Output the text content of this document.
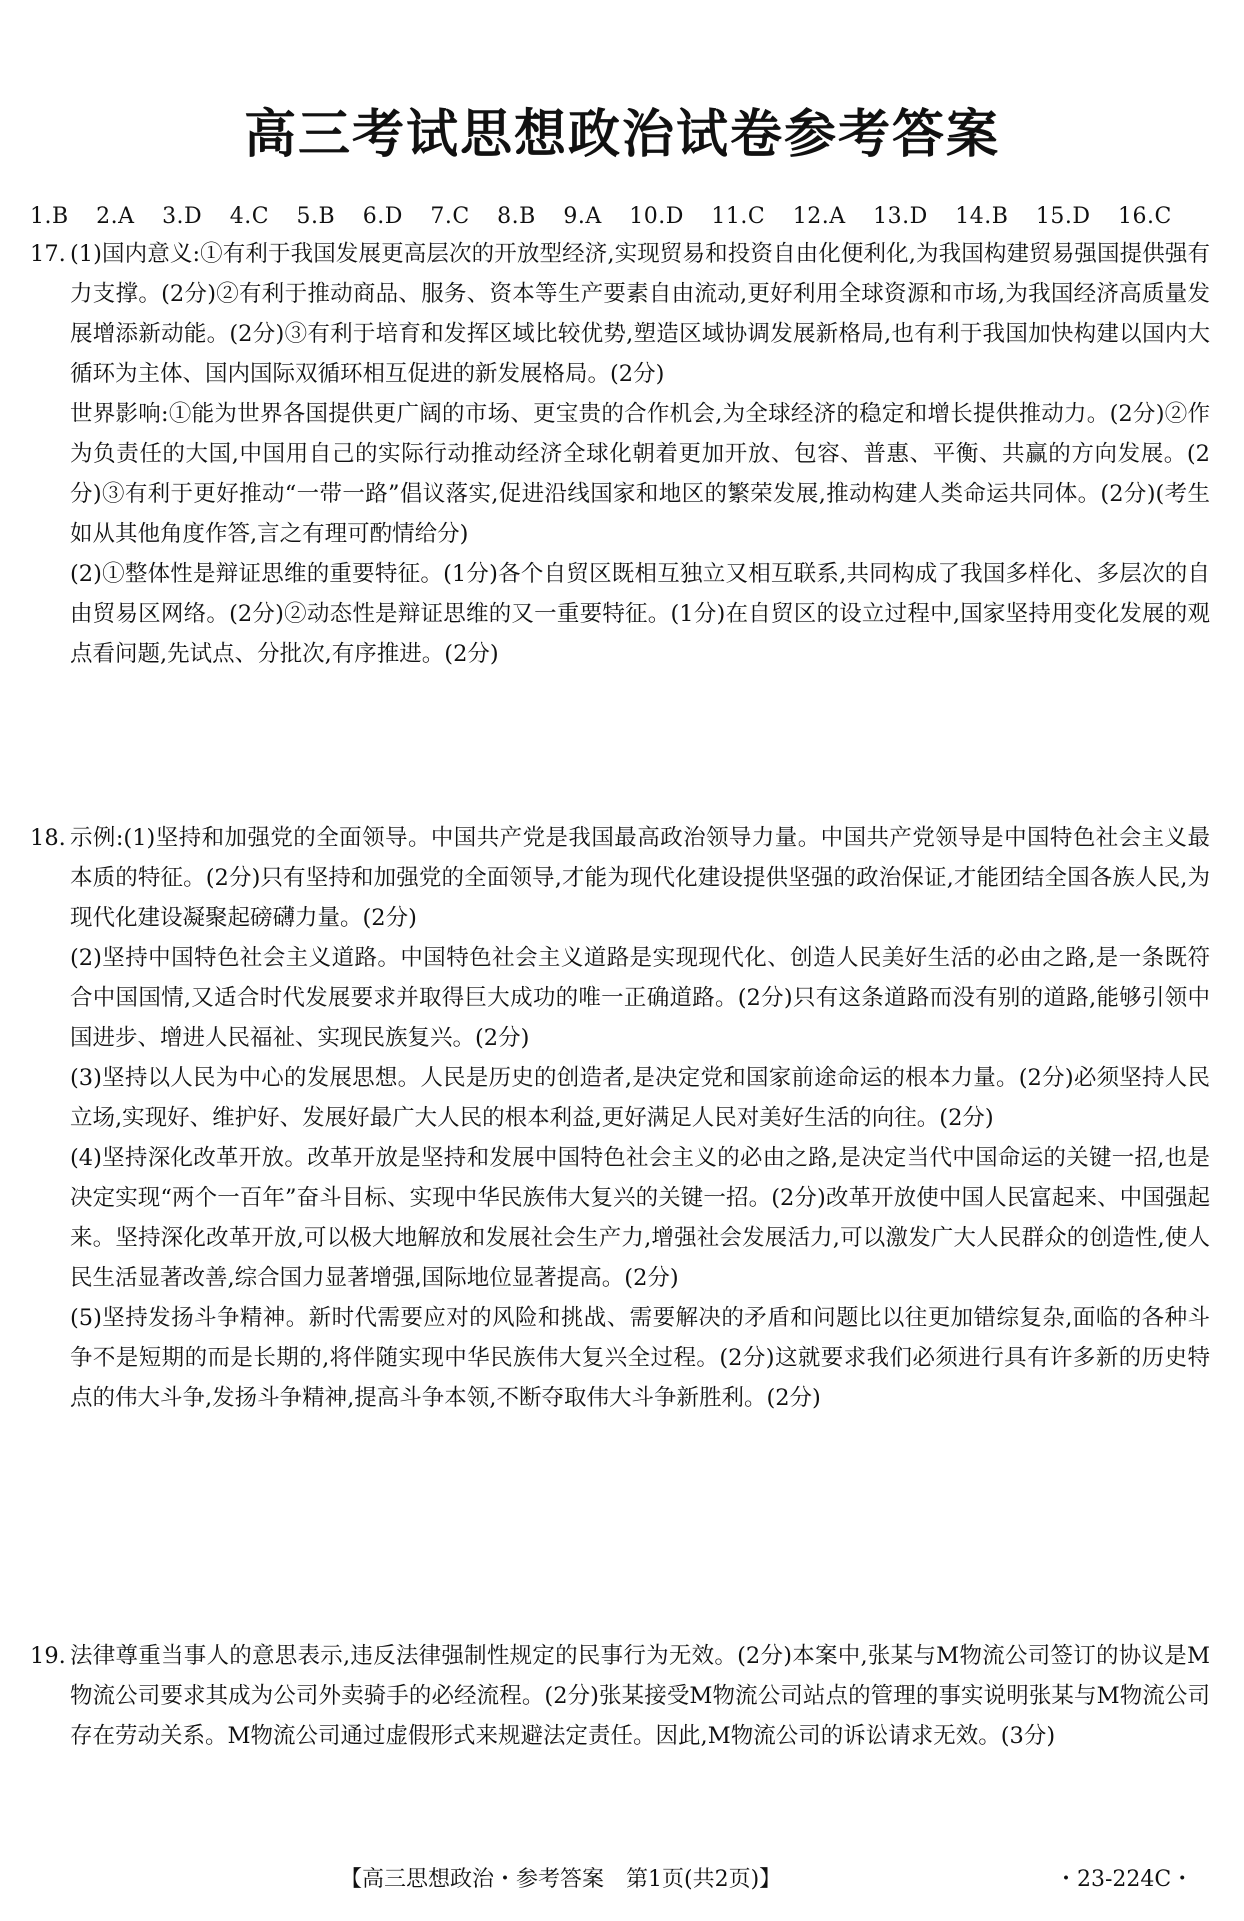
高三考试思想政治试卷参考答案
1.B 2.A 3.D 4.C 5.B 6.D 7.C 8.B 9.A 10.D 11.C 12.A 13.D 14.B 15.D 16.C
17. (1)国内意义:①有利于我国发展更高层次的开放型经济,实现贸易和投资自由化便利化,为我国构建贸易强国提供强有力支撑。(2分)②有利于推动商品、服务、资本等生产要素自由流动,更好利用全球资源和市场,为我国经济高质量发展增添新动能。(2分)③有利于培育和发挥区域比较优势,塑造区域协调发展新格局,也有利于我国加快构建以国内大循环为主体、国内国际双循环相互促进的新发展格局。(2分)

世界影响:①能为世界各国提供更广阔的市场、更宝贵的合作机会,为全球经济的稳定和增长提供推动力。(2分)②作为负责任的大国,中国用自己的实际行动推动经济全球化朝着更加开放、包容、普惠、平衡、共赢的方向发展。(2分)③有利于更好推动“一带一路”倡议落实,促进沿线国家和地区的繁荣发展,推动构建人类命运共同体。(2分)(考生如从其他角度作答,言之有理可酌情给分)

(2)①整体性是辩证思维的重要特征。(1分)各个自贸区既相互独立又相互联系,共同构成了我国多样化、多层次的自由贸易区网络。(2分)②动态性是辩证思维的又一重要特征。(1分)在自贸区的设立过程中,国家坚持用变化发展的观点看问题,先试点、分批次,有序推进。(2分)

18. 示例:(1)坚持和加强党的全面领导。中国共产党是我国最高政治领导力量。中国共产党领导是中国特色社会主义最本质的特征。(2分)只有坚持和加强党的全面领导,才能为现代化建设提供坚强的政治保证,才能团结全国各族人民,为现代化建设凝聚起磅礴力量。(2分)

(2)坚持中国特色社会主义道路。中国特色社会主义道路是实现现代化、创造人民美好生活的必由之路,是一条既符合中国国情,又适合时代发展要求并取得巨大成功的唯一正确道路。(2分)只有这条道路而没有别的道路,能够引领中国进步、增进人民福祉、实现民族复兴。(2分)

(3)坚持以人民为中心的发展思想。人民是历史的创造者,是决定党和国家前途命运的根本力量。(2分)必须坚持人民立场,实现好、维护好、发展好最广大人民的根本利益,更好满足人民对美好生活的向往。(2分)

(4)坚持深化改革开放。改革开放是坚持和发展中国特色社会主义的必由之路,是决定当代中国命运的关键一招,也是决定实现“两个一百年”奋斗目标、实现中华民族伟大复兴的关键一招。(2分)改革开放使中国人民富起来、中国强起来。坚持深化改革开放,可以极大地解放和发展社会生产力,增强社会发展活力,可以激发广大人民群众的创造性,使人民生活显著改善,综合国力显著增强,国际地位显著提高。(2分)

(5)坚持发扬斗争精神。新时代需要应对的风险和挑战、需要解决的矛盾和问题比以往更加错综复杂,面临的各种斗争不是短期的而是长期的,将伴随实现中华民族伟大复兴全过程。(2分)这就要求我们必须进行具有许多新的历史特点的伟大斗争,发扬斗争精神,提高斗争本领,不断夺取伟大斗争新胜利。(2分)

19. 法律尊重当事人的意思表示,违反法律强制性规定的民事行为无效。(2分)本案中,张某与M物流公司签订的协议是M物流公司要求其成为公司外卖骑手的必经流程。(2分)张某接受M物流公司站点的管理的事实说明张某与M物流公司存在劳动关系。M物流公司通过虚假形式来规避法定责任。因此,M物流公司的诉讼请求无效。(3分)

【高三思想政治・参考答案　第1页(共2页)】	・23-224C・
